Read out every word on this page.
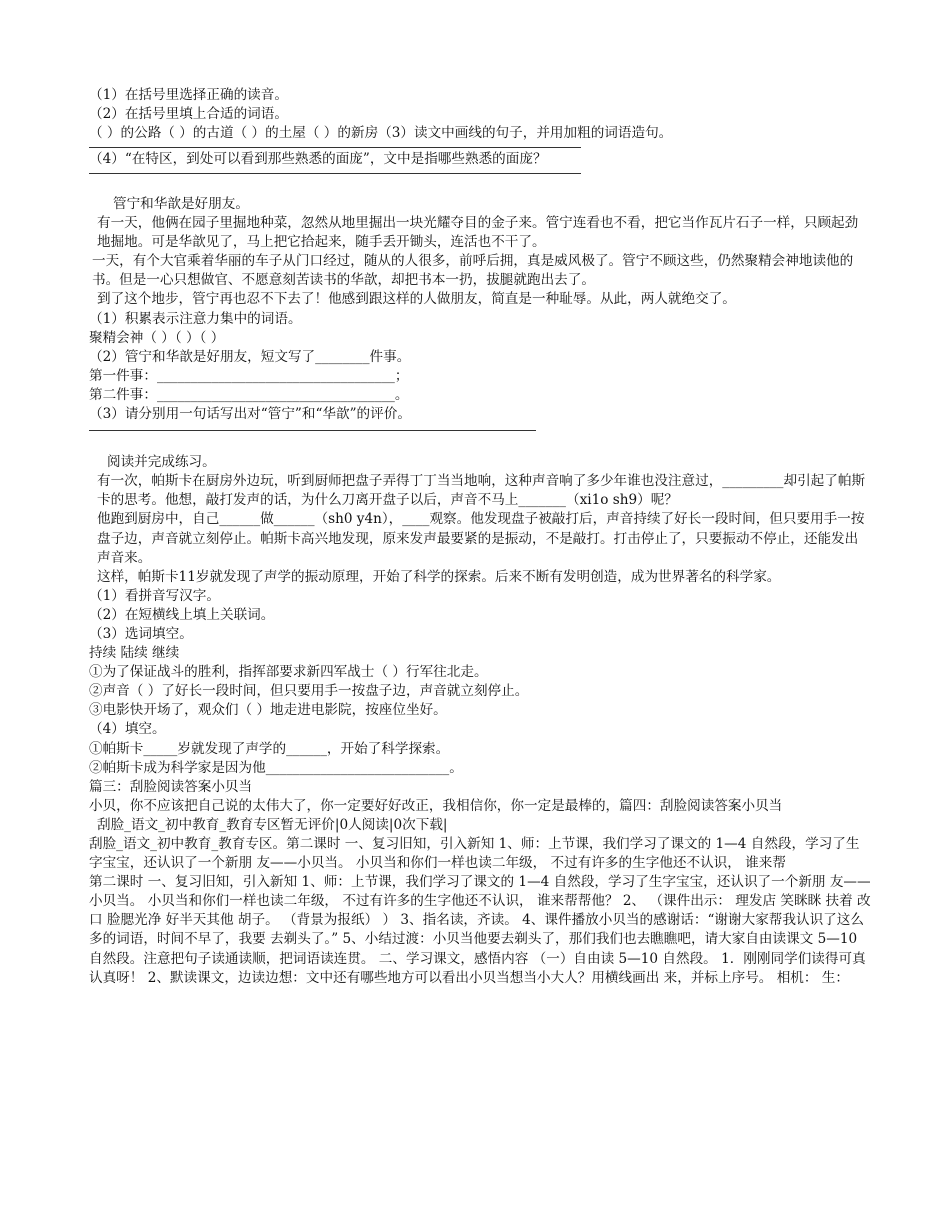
（1）在括号里选择正确的读音。

（2）在括号里填上合适的词语。

（ ）的公路（ ）的古道（ ）的土屋（ ）的新房（3）读文中画线的句子，并用加粗的词语造句。

（4）“在特区，到处可以看到那些熟悉的面庞”，文中是指哪些熟悉的面庞？

管宁和华歆是好朋友。

有一天，他俩在园子里掘地种菜，忽然从地里掘出一块光耀夺目的金子来。管宁连看也不看，把它当作瓦片石子一样，只顾起劲地掘地。可是华歆见了，马上把它拾起来，随手丢开锄头，连活也不干了。

一天，有个大官乘着华丽的车子从门口经过，随从的人很多，前呼后拥，真是威风极了。管宁不顾这些，仍然聚精会神地读他的书。但是一心只想做官、不愿意刻苦读书的华歆，却把书本一扔，拔腿就跑出去了。

到了这个地步，管宁再也忍不下去了！他感到跟这样的人做朋友，简直是一种耻辱。从此，两人就绝交了。

（1）积累表示注意力集中的词语。

聚精会神（ ）（ ）（ ）

（2）管宁和华歆是好朋友，短文写了________件事。

第一件事：___________________________________；

第二件事：___________________________________。

（3）请分别用一句话写出对“管宁”和“华歆”的评价。

阅读并完成练习。

有一次，帕斯卡在厨房外边玩，听到厨师把盘子弄得丁丁当当地响，这种声音响了多少年谁也没注意过，_________却引起了帕斯卡的思考。他想，敲打发声的话，为什么刀离开盘子以后，声音不马上_______（xi1o sh9）呢？

他跑到厨房中，自己______做______（sh0 y4n），____观察。他发现盘子被敲打后，声音持续了好长一段时间，但只要用手一按盘子边，声音就立刻停止。帕斯卡高兴地发现，原来发声最要紧的是振动，不是敲打。打击停止了，只要振动不停止，还能发出声音来。

这样，帕斯卡11岁就发现了声学的振动原理，开始了科学的探索。后来不断有发明创造，成为世界著名的科学家。

（1）看拼音写汉字。

（2）在短横线上填上关联词。

（3）选词填空。

持续 陆续 继续

①为了保证战斗的胜利，指挥部要求新四军战士（ ）行军往北走。

②声音（ ）了好长一段时间，但只要用手一按盘子边，声音就立刻停止。

③电影快开场了，观众们（ ）地走进电影院，按座位坐好。

（4）填空。

①帕斯卡_____岁就发现了声学的______，开始了科学探索。

②帕斯卡成为科学家是因为他___________________________。

篇三：刮脸阅读答案小贝当

小贝，你不应该把自己说的太伟大了，你一定要好好改正，我相信你，你一定是最棒的，篇四：刮脸阅读答案小贝当

刮脸_语文_初中教育_教育专区暂无评价|0人阅读|0次下载|

刮脸_语文_初中教育_教育专区。第二课时 一、复习旧知，引入新知 1、师：上节课，我们学习了课文的 1—4 自然段，学习了生字宝宝，还认识了一个新朋 友——小贝当。 小贝当和你们一样也读二年级， 不过有许多的生字他还不认识， 谁来帮

第二课时 一、复习旧知，引入新知 1、师：上节课，我们学习了课文的 1—4 自然段，学习了生字宝宝，还认识了一个新朋 友——小贝当。 小贝当和你们一样也读二年级， 不过有许多的生字他还不认识， 谁来帮帮他？ 2、 （课件出示： 理发店 笑眯眯 扶着 改口 脸腮光净 好半天其他 胡子。 （背景为报纸） ） 3、指名读，齐读。 4、课件播放小贝当的感谢话：“谢谢大家帮我认识了这么多的词语，时间不早了，我要 去剃头了。” 5、小结过渡：小贝当他要去剃头了，那们我们也去瞧瞧吧，请大家自由读课文 5—10 自然段。注意把句子读通读顺，把词语读连贯。 二、学习课文，感悟内容 （一）自由读 5—10 自然段。 1．刚刚同学们读得可真认真呀！ 2、默读课文，边读边想：文中还有哪些地方可以看出小贝当想当小大人？用横线画出 来，并标上序号。 相机： 生：
